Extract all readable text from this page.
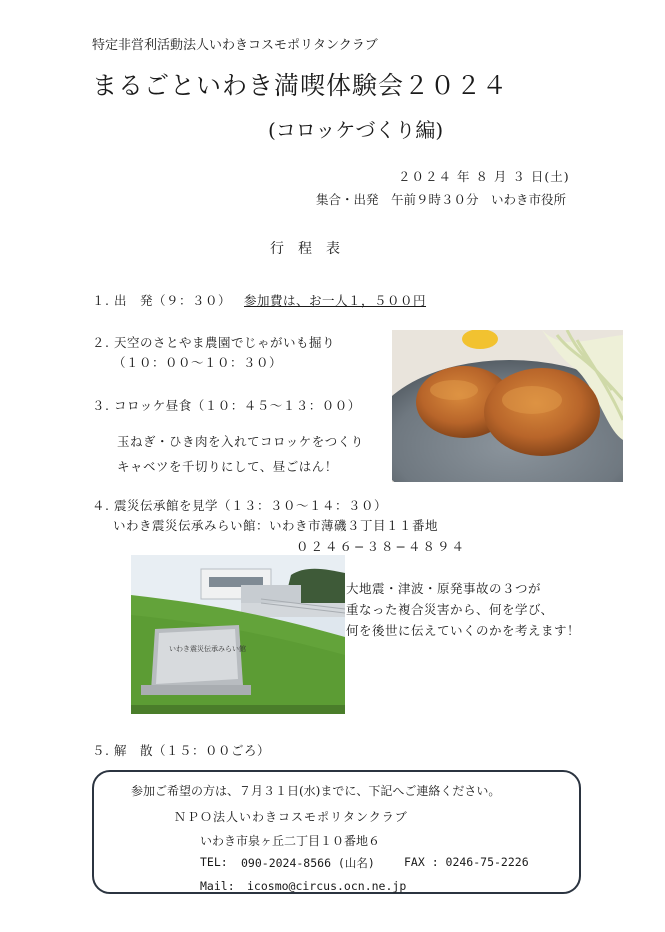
特定非営利活動法人いわきコスモポリタンクラブ
まるごといわき満喫体験会２０２４
(コロッケづくり編)
２０２４ 年 ８ 月 ３ 日(土)
集合・出発　午前９時３０分　いわき市役所
行程表
１. 出　発（９：３０） 参加費は、お一人１，５００円
２. 天空のさとやま農園でじゃがいも掘り
（１０：００〜１０：３０）
３. コロッケ昼食（１０：４５〜１３：００）
玉ねぎ・ひき肉を入れてコロッケをつくり
キャベツを千切りにして、昼ごはん！
４. 震災伝承館を見学（１３：３０〜１４：３０）
いわき震災伝承みらい館：いわき市薄磯３丁目１１番地
０２４６−３８−４８９４
いわき震災伝承みらい館
大地震・津波・原発事故の３つが
重なった複合災害から、何を学び、
何を後世に伝えていくのかを考えます！
５. 解　散（１５：００ごろ）
参加ご希望の方は、７月３１日(水)までに、下記へご連絡ください。
ＮＰＯ法人いわきコスモポリタンクラブ
いわき市泉ヶ丘二丁目１０番地６
TEL: 090-2024-8566 (山名)	FAX : 0246-75-2226
Mail: icosmo@circus.ocn.ne.jp
